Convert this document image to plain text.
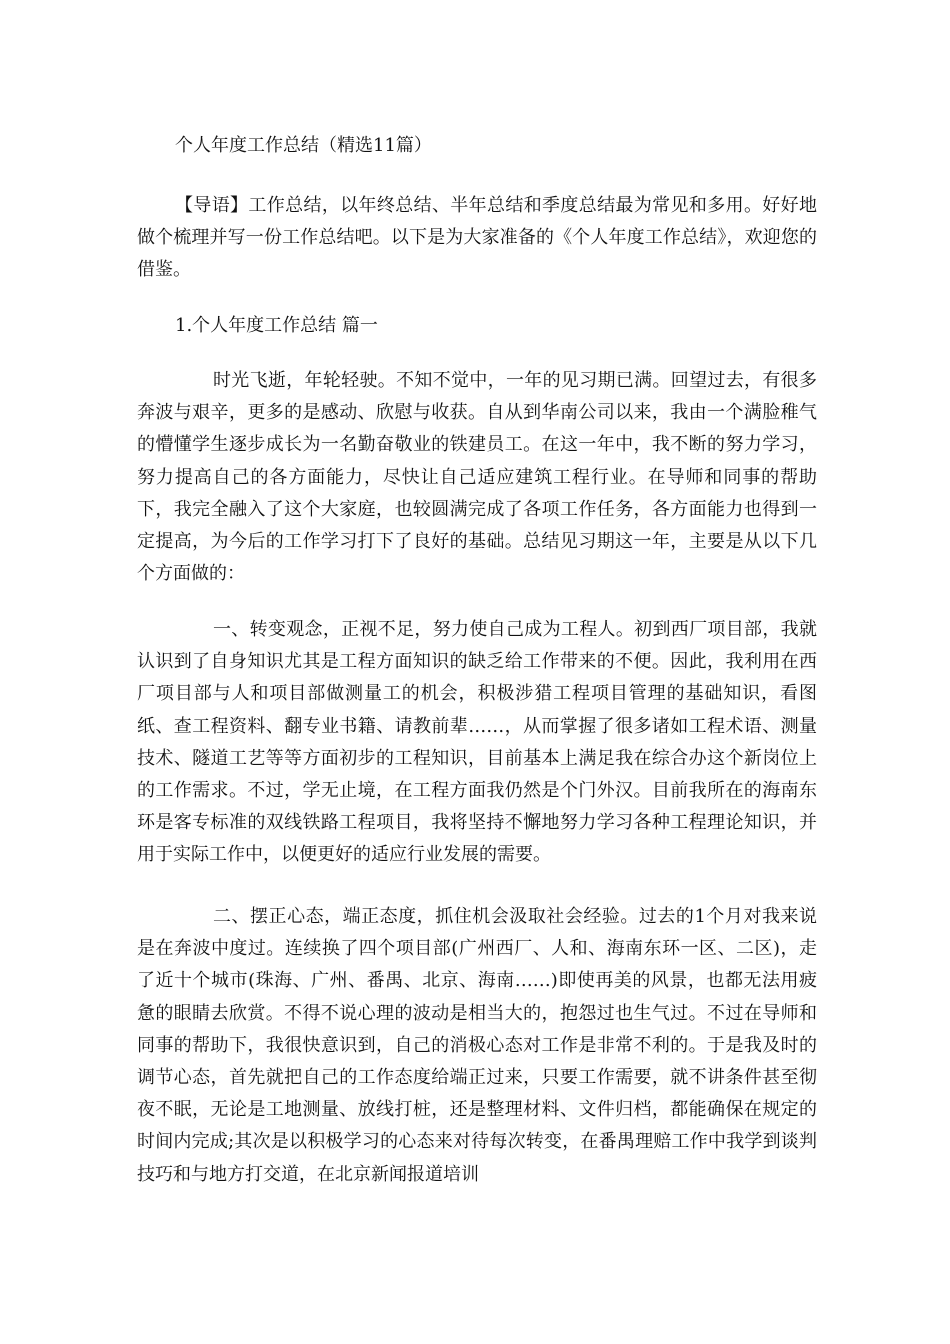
个人年度工作总结（精选11篇）

【导语】工作总结，以年终总结、半年总结和季度总结最为常见和多用。好好地做个梳理并写一份工作总结吧。以下是为大家准备的《个人年度工作总结》，欢迎您的借鉴。

1.个人年度工作总结 篇一

时光飞逝，年轮轻驶。不知不觉中，一年的见习期已满。回望过去，有很多奔波与艰辛，更多的是感动、欣慰与收获。自从到华南公司以来，我由一个满脸稚气的懵懂学生逐步成长为一名勤奋敬业的铁建员工。在这一年中，我不断的努力学习，努力提高自己的各方面能力，尽快让自己适应建筑工程行业。在导师和同事的帮助下，我完全融入了这个大家庭，也较圆满完成了各项工作任务，各方面能力也得到一定提高，为今后的工作学习打下了良好的基础。总结见习期这一年，主要是从以下几个方面做的：

一、转变观念，正视不足，努力使自己成为工程人。初到西厂项目部，我就认识到了自身知识尤其是工程方面知识的缺乏给工作带来的不便。因此，我利用在西厂项目部与人和项目部做测量工的机会，积极涉猎工程项目管理的基础知识，看图纸、查工程资料、翻专业书籍、请教前辈……，从而掌握了很多诸如工程术语、测量技术、隧道工艺等等方面初步的工程知识，目前基本上满足我在综合办这个新岗位上的工作需求。不过，学无止境，在工程方面我仍然是个门外汉。目前我所在的海南东环是客专标准的双线铁路工程项目，我将坚持不懈地努力学习各种工程理论知识，并用于实际工作中，以便更好的适应行业发展的需要。

二、摆正心态，端正态度，抓住机会汲取社会经验。过去的1个月对我来说是在奔波中度过。连续换了四个项目部(广州西厂、人和、海南东环一区、二区)，走了近十个城市(珠海、广州、番禺、北京、海南……)即使再美的风景，也都无法用疲惫的眼睛去欣赏。不得不说心理的波动是相当大的，抱怨过也生气过。不过在导师和同事的帮助下，我很快意识到，自己的消极心态对工作是非常不利的。于是我及时的调节心态，首先就把自己的工作态度给端正过来，只要工作需要，就不讲条件甚至彻夜不眠，无论是工地测量、放线打桩，还是整理材料、文件归档，都能确保在规定的时间内完成;其次是以积极学习的心态来对待每次转变，在番禺理赔工作中我学到谈判技巧和与地方打交道，在北京新闻报道培训
